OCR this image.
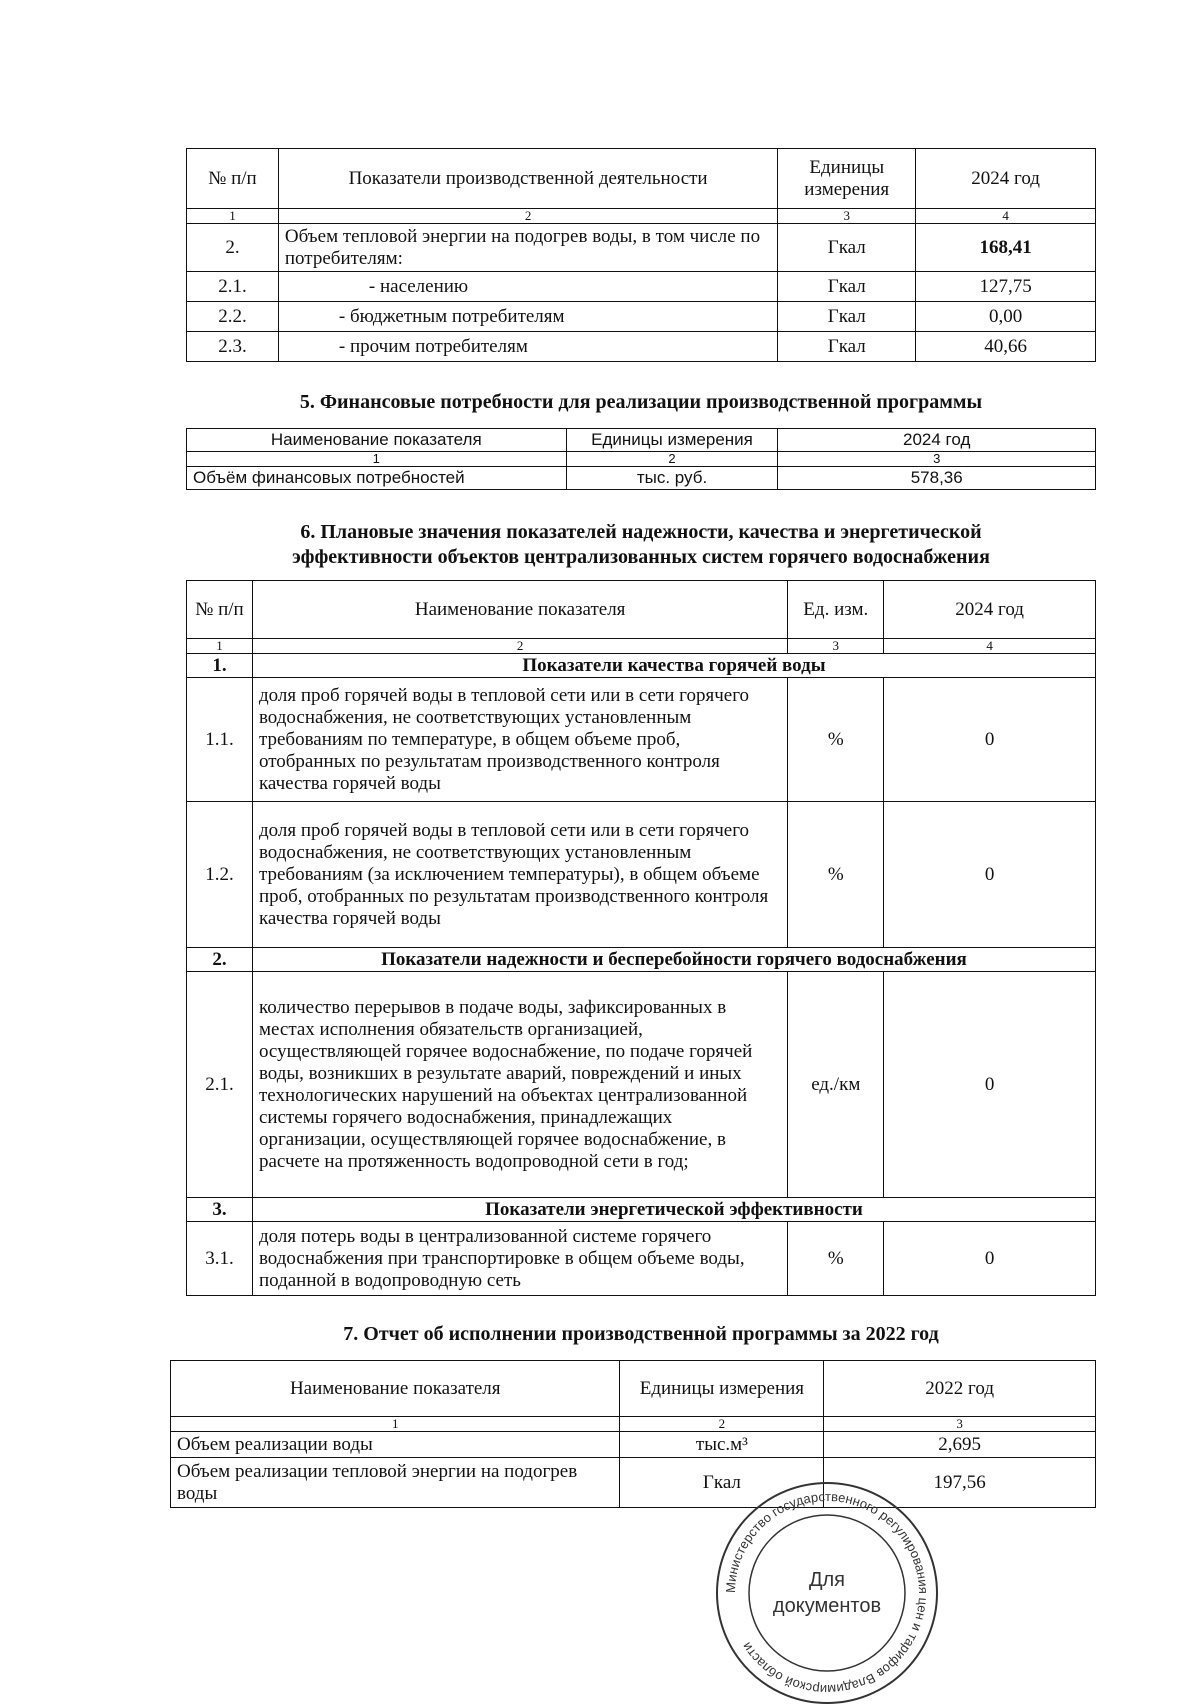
№ п/п	Показатели производственной деятельности	Единицы измерения	2024 год
1	2	3	4
2.	Объем тепловой энергии на подогрев воды, в том числе по потребителям:	Гкал	168,41
2.1.	- населению	Гкал	127,75
2.2.	- бюджетным потребителям	Гкал	0,00
2.3.	- прочим потребителям	Гкал	40,66
5. Финансовые потребности для реализации производственной программы
Наименование показателя	Единицы измерения	2024 год
1	2	3
Объём финансовых потребностей	тыс. руб.	578,36
6. Плановые значения показателей надежности, качества и энергетической
эффективности объектов централизованных систем горячего водоснабжения
№ п/п	Наименование показателя	Ед. изм.	2024 год
1	2	3	4
1.	Показатели качества горячей воды		
1.1.	доля проб горячей воды в тепловой сети или в сети горячего водоснабжения, не соответствующих установленным требованиям по температуре, в общем объеме проб, отобранных по результатам производственного контроля качества горячей воды	%	0
1.2.	доля проб горячей воды в тепловой сети или в сети горячего водоснабжения, не соответствующих установленным требованиям (за исключением температуры), в общем объеме проб, отобранных по результатам производственного контроля качества горячей воды	%	0
2.	Показатели надежности и бесперебойности горячего водоснабжения		
2.1.	количество перерывов в подаче воды, зафиксированных в местах исполнения обязательств организацией, осуществляющей горячее водоснабжение, по подаче горячей воды, возникших в результате аварий, повреждений и иных технологических нарушений на объектах централизованной системы горячего водоснабжения, принадлежащих организации, осуществляющей горячее водоснабжение, в расчете на протяженность водопроводной сети в год;	ед./км	0
3.	Показатели энергетической эффективности		
3.1.	доля потерь воды в централизованной системе горячего водоснабжения при транспортировке в общем объеме воды, поданной в водопроводную сеть	%	0
7. Отчет об исполнении производственной программы за 2022 год
Наименование показателя	Единицы измерения	2022 год
1	2	3
Объем реализации воды	тыс.м³	2,695
Объем реализации тепловой энергии на подогрев воды	Гкал	197,56
Министерство государственного регулирования цен и тарифов Владимирской области
Для
документов
